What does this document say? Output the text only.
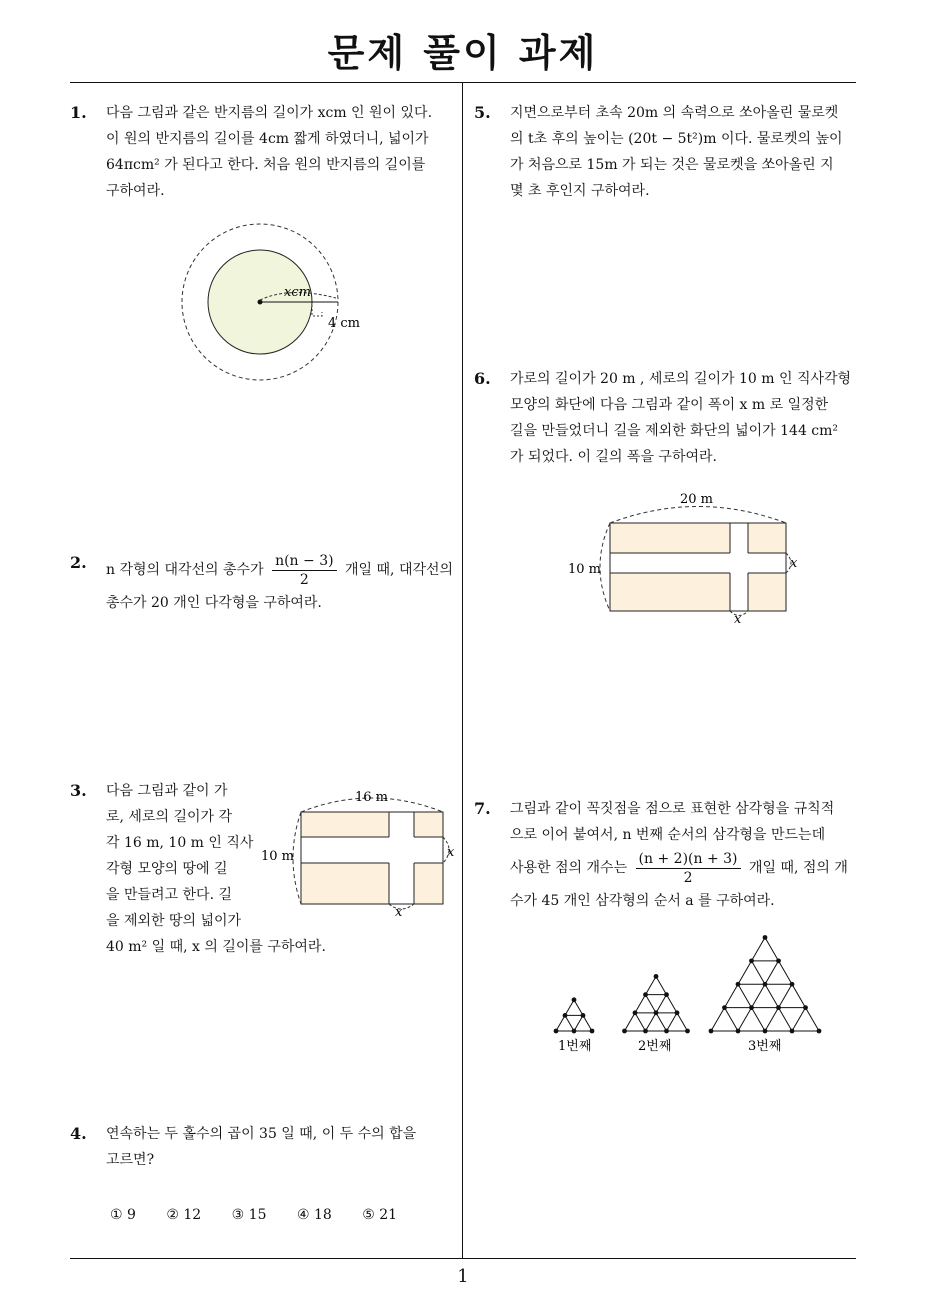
문제 풀이 과제
1. 다음 그림과 같은 반지름의 길이가 xcm 인 원이 있다.
이 원의 반지름의 길이를 4cm 짧게 하였더니, 넓이가
64πcm² 가 된다고 한다. 처음 원의 반지름의 길이를
구하여라.
xcm
4 cm
2. n 각형의 대각선의 총수가 $\frac{n(n - 3)}{2}$ 개일 때, 대각선의
총수가 20 개인 다각형을 구하여라.
3. 다음 그림과 같이 가
로, 세로의 길이가 각
각 16 m, 10 m 인 직사
각형 모양의 땅에 길
을 만들려고 한다. 길
을 제외한 땅의 넓이가
40 m² 일 때, x 의 길이를 구하여라.
16 m
10 m	x
x
4. 연속하는 두 홀수의 곱이 35 일 때, 이 두 수의 합을
고르면?
① 9 ② 12 ③ 15 ④ 18 ⑤ 21
5. 지면으로부터 초속 20m 의 속력으로 쏘아올린 물로켓
의 t초 후의 높이는 (20t − 5t²)m 이다. 물로켓의 높이
가 처음으로 15m 가 되는 것은 물로켓을 쏘아올린 지
몇 초 후인지 구하여라.
6. 가로의 길이가 20 m , 세로의 길이가 10 m 인 직사각형
모양의 화단에 다음 그림과 같이 폭이 x m 로 일정한
길을 만들었더니 길을 제외한 화단의 넓이가 144 cm²
가 되었다. 이 길의 폭을 구하여라.
20 m
10 m	x
x
7. 그림과 같이 꼭짓점을 점으로 표현한 삼각형을 규칙적
으로 이어 붙여서, n 번째 순서의 삼각형을 만드는데
사용한 점의 개수는 $\frac{(n + 2)(n + 3)}{2}$ 개일 때, 점의 개
수가 45 개인 삼각형의 순서 a 를 구하여라.
1번째	2번째	3번째
1
